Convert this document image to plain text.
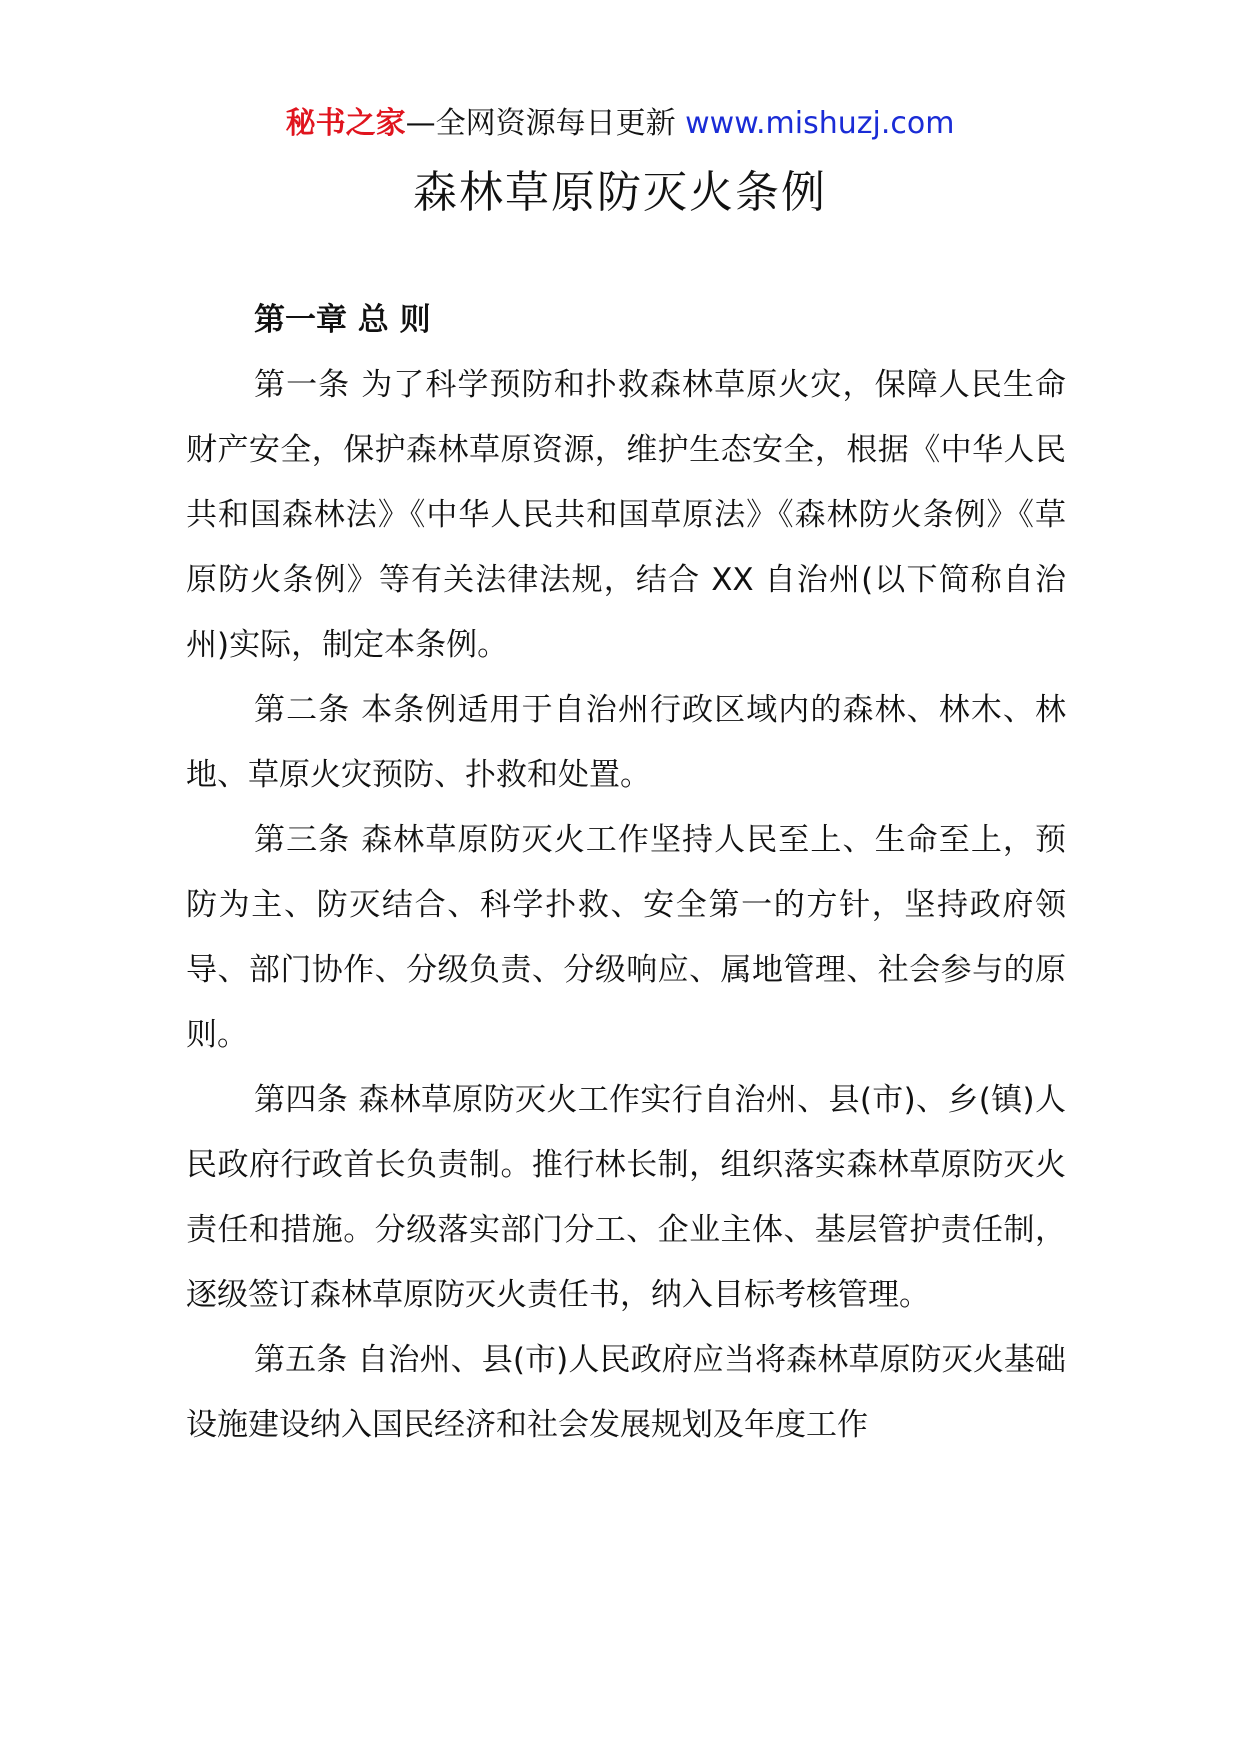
秘书之家—全网资源每日更新 www.mishuzj.com
森林草原防灭火条例

第一章 总 则

第一条 为了科学预防和扑救森林草原火灾，保障人民生命财产安全，保护森林草原资源，维护生态安全，根据《中华人民共和国森林法》《中华人民共和国草原法》《森林防火条例》《草原防火条例》等有关法律法规，结合 XX 自治州(以下简称自治州)实际，制定本条例。

第二条 本条例适用于自治州行政区域内的森林、林木、林地、草原火灾预防、扑救和处置。

第三条 森林草原防灭火工作坚持人民至上、生命至上，预防为主、防灭结合、科学扑救、安全第一的方针，坚持政府领导、部门协作、分级负责、分级响应、属地管理、社会参与的原则。

第四条 森林草原防灭火工作实行自治州、县(市)、乡(镇)人民政府行政首长负责制。推行林长制，组织落实森林草原防灭火责任和措施。分级落实部门分工、企业主体、基层管护责任制，逐级签订森林草原防灭火责任书，纳入目标考核管理。

第五条 自治州、县(市)人民政府应当将森林草原防灭火基础设施建设纳入国民经济和社会发展规划及年度工作
